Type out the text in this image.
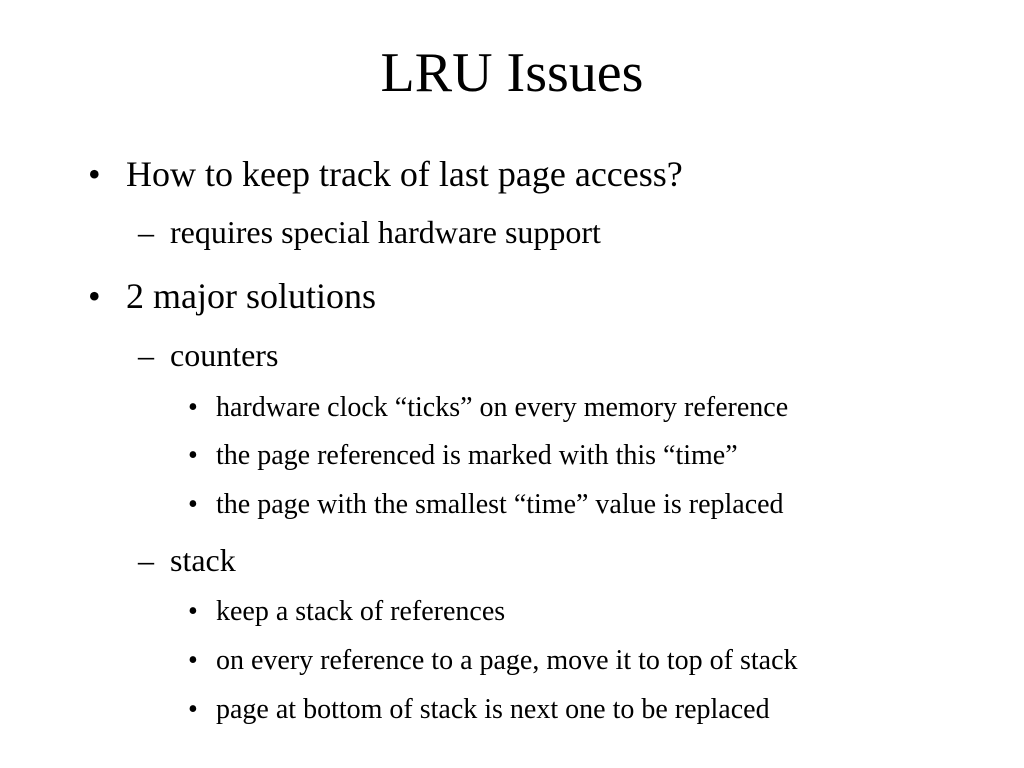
LRU Issues
• How to keep track of last page access?
– requires special hardware support
• 2 major solutions
– counters
• hardware clock “ticks” on every memory reference
• the page referenced is marked with this “time”
• the page with the smallest “time” value is replaced
– stack
• keep a stack of references
• on every reference to a page, move it to top of stack
• page at bottom of stack is next one to be replaced
